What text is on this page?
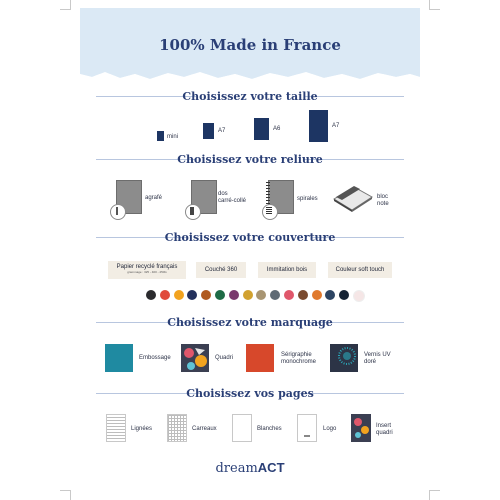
100% Made in France
Choisissez votre taille
mini
A7	A6	A7
Choisissez votre reliure
agrafé
dos
carré-collé	spirales	bloc
note
Choisissez votre couverture
Papier recyclé français
grammage : 325 - 400 - 450G	Couché 360	Immitation bois	Couleur soft touch
Choisissez votre marquage
Embossage	Quadri	Sérigraphie
monochrome
Vernis UV
doré
Choisissez vos pages
Lignées	Carreaux	Blanches	Logo	Insert
quadri
dreamACT
